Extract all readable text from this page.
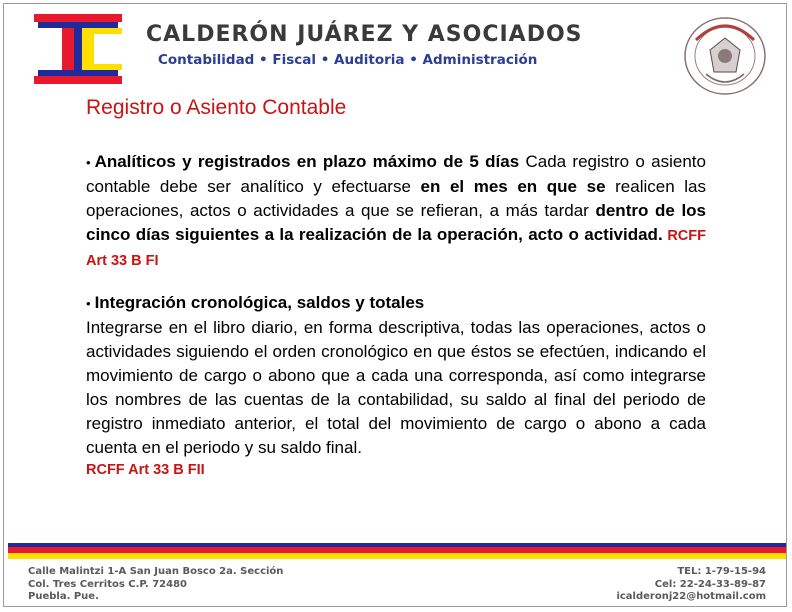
CALDERÓN JUÁREZ Y ASOCIADOS
Contabilidad • Fiscal • Auditoria • Administración
Registro o Asiento Contable

• Analíticos y registrados en plazo máximo de 5 días Cada registro o asiento contable debe ser analítico y efectuarse en el mes en que se realicen las operaciones, actos o actividades a que se refieran, a más tardar dentro de los cinco días siguientes a la realización de la operación, acto o actividad. RCFF Art 33 B FI

• Integración cronológica, saldos y totales

Integrarse en el libro diario, en forma descriptiva, todas las operaciones, actos o actividades siguiendo el orden cronológico en que éstos se efectúen, indicando el movimiento de cargo o abono que a cada una corresponda, así como integrarse los nombres de las cuentas de la contabilidad, su saldo al final del periodo de registro inmediato anterior, el total del movimiento de cargo o abono a cada cuenta en el periodo y su saldo final.

RCFF Art 33 B FII
Calle Malintzi 1-A San Juan Bosco 2a. Sección
Col. Tres Cerritos C.P. 72480
Puebla. Pue.
TEL: 1-79-15-94
Cel: 22-24-33-89-87
icalderonj22@hotmail.com
